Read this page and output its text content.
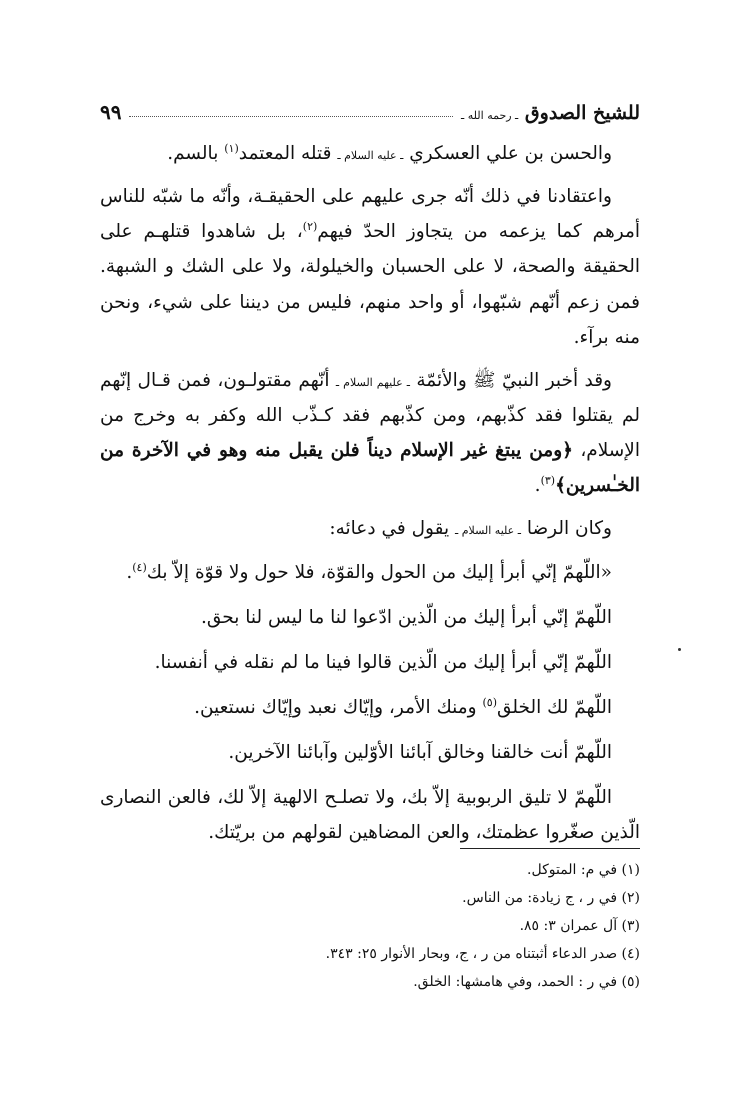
للشيخ الصدوق ـ رحمه الله ـ
٩٩

والحسن بن علي العسكري ـ عليه السلام ـ قتله المعتمد$^{(١)}$ بالسم.

واعتقادنا في ذلك أنّه جرى عليهم على الحقيقـة، وأنّه ما شبّه للناس أمرهم كما يزعمه من يتجاوز الحدّ فيهم$^{(٢)}$، بل شاهدوا قتلهـم على الحقيقة والصحة، لا على الحسبان والخيلولة، ولا على الشك و الشبهة. فمن زعم أنّهم شبّهوا، أو واحد منهم، فليس من ديننا على شيء، ونحن منه برآء.

وقد أخبر النبيّ ﷺ والأئمّة ـ عليهم السلام ـ أنّهم مقتولـون، فمن قـال إنّهم لم يقتلوا فقد كذّبهم، ومن كذّبهم فقد كـذّب الله وكفر به وخرج من الإسلام، ﴿ومن يبتغ غير الإسلام ديناً فلن يقبل منه وهو في الآخرة من الخـٰسرين﴾$^{(٣)}$.

وكان الرضا ـ عليه السلام ـ يقول في دعائه:

«اللّهمّ إنّي أبرأ إليك من الحول والقوّة، فلا حول ولا قوّة إلاّ بك$^{(٤)}$.

اللّهمّ إنّي أبرأ إليك من الّذين ادّعوا لنا ما ليس لنا بحق.

اللّهمّ إنّي أبرأ إليك من الّذين قالوا فينا ما لم نقله في أنفسنا.

اللّهمّ لك الخلق$^{(٥)}$ ومنك الأمر، وإيّاك نعبد وإيّاك نستعين.

اللّهمّ أنت خالقنا وخالق آبائنا الأوّلين وآبائنا الآخرين.

اللّهمّ لا تليق الربوبية إلاّ بك، ولا تصلـح الالهية إلاّ لك، فالعن النصارى الّذين صغّروا عظمتك، والعن المضاهين لقولهم من بريّتك.

(١) في م: المتوكل.

(٢) في ر ، ج زيادة: من الناس.

(٣) آل عمران ٣: ٨٥.

(٤) صدر الدعاء أثبتناه من ر ، ج، وبحار الأنوار ٢٥: ٣٤٣.

(٥) في ر : الحمد، وفي هامشها: الخلق.
